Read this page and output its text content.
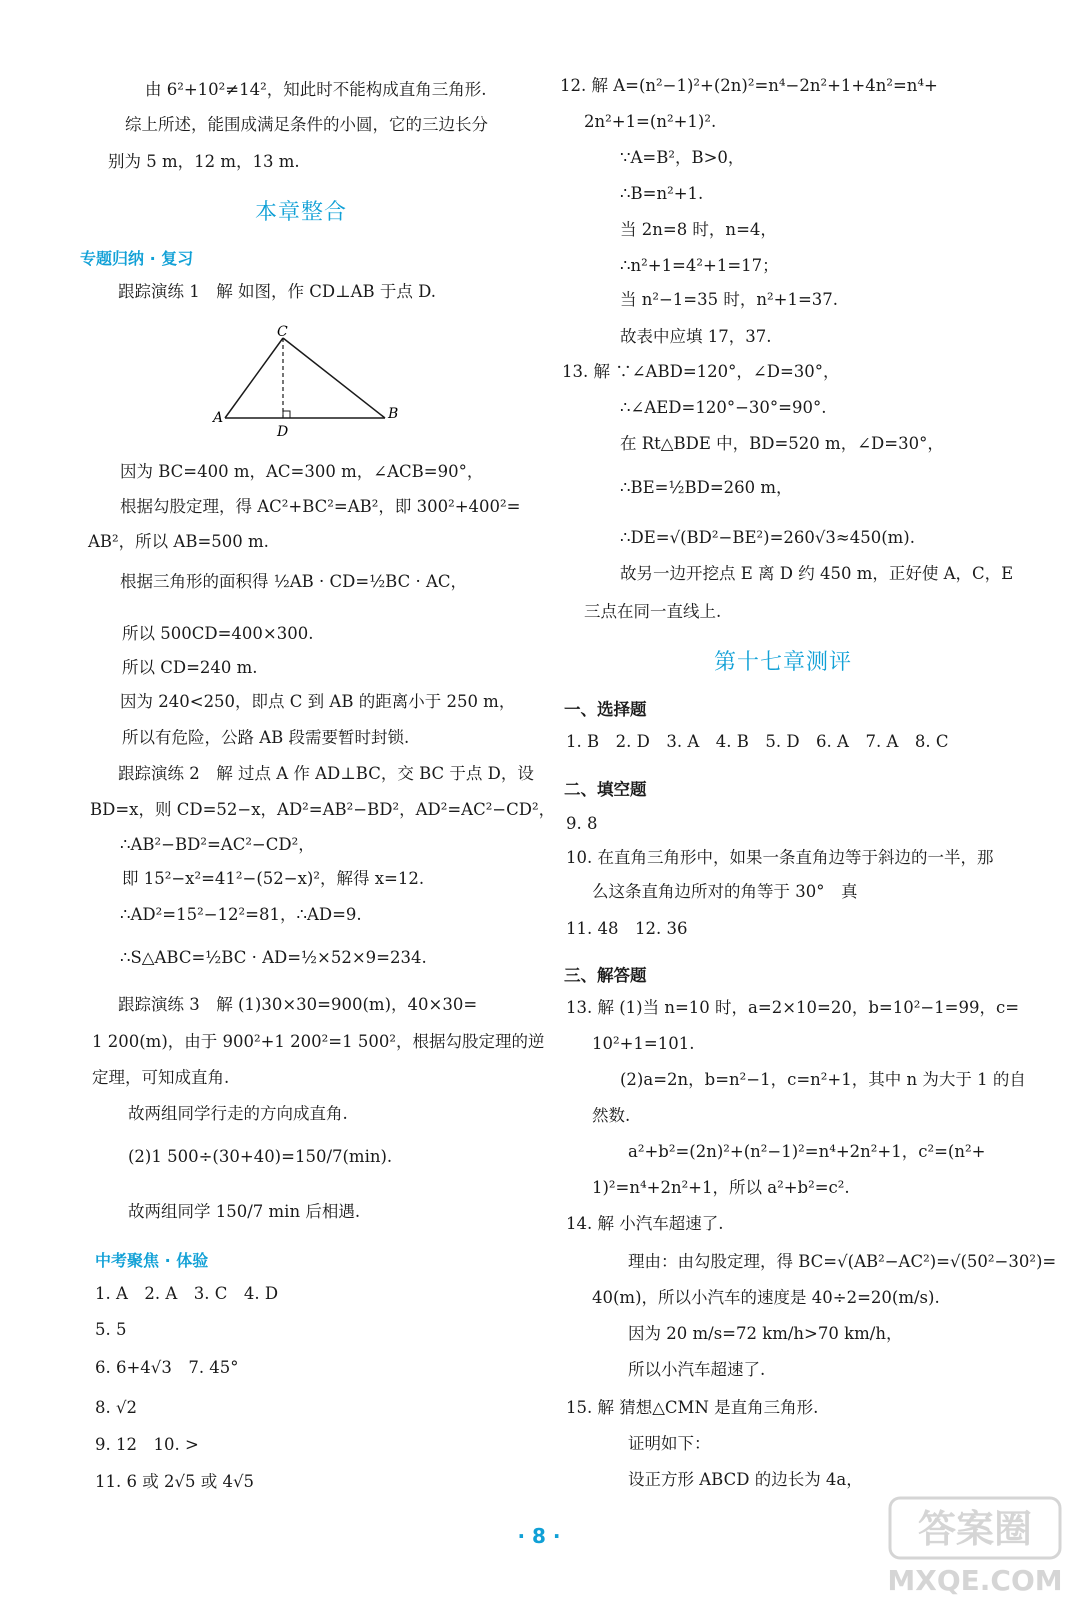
由 6²+10²≠14²，知此时不能构成直角三角形.
综上所述，能围成满足条件的小圆，它的三边长分
别为 5 m，12 m，13 m.
本章整合
专题归纳 · 复习
跟踪演练 1　解 如图，作 CD⊥AB 于点 D.
C
A	B
D
因为 BC=400 m，AC=300 m，∠ACB=90°，
根据勾股定理，得 AC²+BC²=AB²，即 300²+400²=
AB²，所以 AB=500 m.
根据三角形的面积得 ½AB · CD=½BC · AC，
所以 500CD=400×300.
所以 CD=240 m.
因为 240<250，即点 C 到 AB 的距离小于 250 m，
所以有危险，公路 AB 段需要暂时封锁.
跟踪演练 2　解 过点 A 作 AD⊥BC，交 BC 于点 D，设
BD=x，则 CD=52−x，AD²=AB²−BD²，AD²=AC²−CD²，
∴AB²−BD²=AC²−CD²，
即 15²−x²=41²−(52−x)²，解得 x=12.
∴AD²=15²−12²=81，∴AD=9.
∴S△ABC=½BC · AD=½×52×9=234.
跟踪演练 3　解 (1)30×30=900(m)，40×30=
1 200(m)，由于 900²+1 200²=1 500²，根据勾股定理的逆
定理，可知成直角.
故两组同学行走的方向成直角.
(2)1 500÷(30+40)=150/7(min).
故两组同学 150/7 min 后相遇.
中考聚焦 · 体验
1. A　2. A　3. C　4. D
5. 5
6. 6+4√3　7. 45°
8. √2
9. 12　10. >
11. 6 或 2√5 或 4√5
12. 解 A=(n²−1)²+(2n)²=n⁴−2n²+1+4n²=n⁴+
2n²+1=(n²+1)².
∵A=B²，B>0，
∴B=n²+1.
当 2n=8 时，n=4，
∴n²+1=4²+1=17；
当 n²−1=35 时，n²+1=37.
故表中应填 17，37.
13. 解 ∵∠ABD=120°，∠D=30°，
∴∠AED=120°−30°=90°.
在 Rt△BDE 中，BD=520 m，∠D=30°，
∴BE=½BD=260 m，
∴DE=√(BD²−BE²)=260√3≈450(m).
故另一边开挖点 E 离 D 约 450 m，正好使 A，C，E
三点在同一直线上.
第十七章测评
一、选择题
1. B　2. D　3. A　4. B　5. D　6. A　7. A　8. C
二、填空题
9. 8
10. 在直角三角形中，如果一条直角边等于斜边的一半，那
么这条直角边所对的角等于 30°　真
11. 48　12. 36
三、解答题
13. 解 (1)当 n=10 时，a=2×10=20，b=10²−1=99，c=
10²+1=101.
(2)a=2n，b=n²−1，c=n²+1，其中 n 为大于 1 的自
然数.
a²+b²=(2n)²+(n²−1)²=n⁴+2n²+1，c²=(n²+
1)²=n⁴+2n²+1，所以 a²+b²=c².
14. 解 小汽车超速了.
理由：由勾股定理，得 BC=√(AB²−AC²)=√(50²−30²)=
40(m)，所以小汽车的速度是 40÷2=20(m/s).
因为 20 m/s=72 km/h>70 km/h，
所以小汽车超速了.
15. 解 猜想△CMN 是直角三角形.
证明如下：
设正方形 ABCD 的边长为 4a，
· 8 ·	答案圈
MXQE.COM
